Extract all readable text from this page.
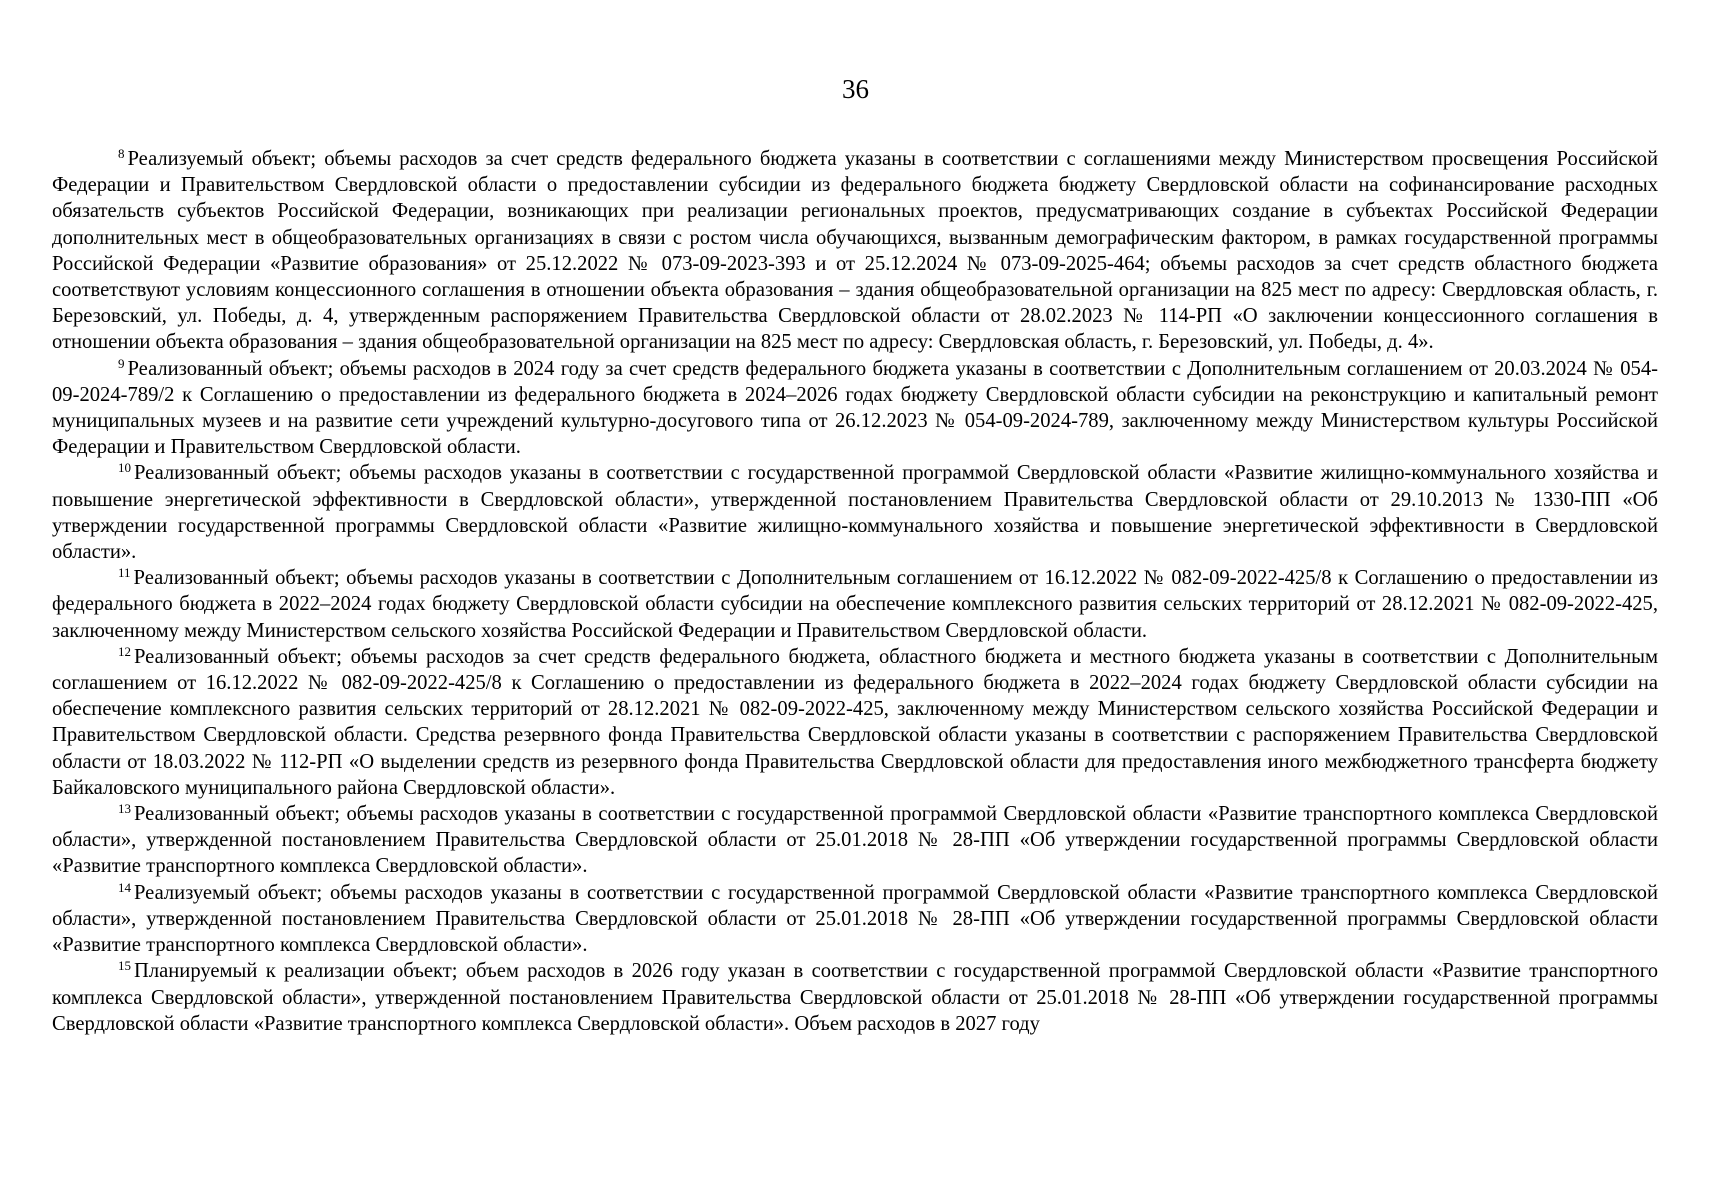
36

$^8$ Реализуемый объект; объемы расходов за счет средств федерального бюджета указаны в соответствии с соглашениями между Министерством просвещения Российской Федерации и Правительством Свердловской области о предоставлении субсидии из федерального бюджета бюджету Свердловской области на софинансирование расходных обязательств субъектов Российской Федерации, возникающих при реализации региональных проектов, предусматривающих создание в субъектах Российской Федерации дополнительных мест в общеобразовательных организациях в связи с ростом числа обучающихся, вызванным демографическим фактором, в рамках государственной программы Российской Федерации «Развитие образования» от 25.12.2022 № 073-09-2023-393 и от 25.12.2024 № 073-09-2025-464; объемы расходов за счет средств областного бюджета соответствуют условиям концессионного соглашения в отношении объекта образования – здания общеобразовательной организации на 825 мест по адресу: Свердловская область, г. Березовский, ул. Победы, д. 4, утвержденным распоряжением Правительства Свердловской области от 28.02.2023 № 114-РП «О заключении концессионного соглашения в отношении объекта образования – здания общеобразовательной организации на 825 мест по адресу: Свердловская область, г. Березовский, ул. Победы, д. 4».

$^9$ Реализованный объект; объемы расходов в 2024 году за счет средств федерального бюджета указаны в соответствии с Дополнительным соглашением от 20.03.2024 № 054-09-2024-789/2 к Соглашению о предоставлении из федерального бюджета в 2024–2026 годах бюджету Свердловской области субсидии на реконструкцию и капитальный ремонт муниципальных музеев и на развитие сети учреждений культурно-досугового типа от 26.12.2023 № 054-09-2024-789, заключенному между Министерством культуры Российской Федерации и Правительством Свердловской области.

$^{10}$ Реализованный объект; объемы расходов указаны в соответствии с государственной программой Свердловской области «Развитие жилищно-коммунального хозяйства и повышение энергетической эффективности в Свердловской области», утвержденной постановлением Правительства Свердловской области от 29.10.2013 № 1330-ПП «Об утверждении государственной программы Свердловской области «Развитие жилищно-коммунального хозяйства и повышение энергетической эффективности в Свердловской области».

$^{11}$ Реализованный объект; объемы расходов указаны в соответствии с Дополнительным соглашением от 16.12.2022 № 082-09-2022-425/8 к Соглашению о предоставлении из федерального бюджета в 2022–2024 годах бюджету Свердловской области субсидии на обеспечение комплексного развития сельских территорий от 28.12.2021 № 082-09-2022-425, заключенному между Министерством сельского хозяйства Российской Федерации и Правительством Свердловской области.

$^{12}$ Реализованный объект; объемы расходов за счет средств федерального бюджета, областного бюджета и местного бюджета указаны в соответствии с Дополнительным соглашением от 16.12.2022 № 082-09-2022-425/8 к Соглашению о предоставлении из федерального бюджета в 2022–2024 годах бюджету Свердловской области субсидии на обеспечение комплексного развития сельских территорий от 28.12.2021 № 082-09-2022-425, заключенному между Министерством сельского хозяйства Российской Федерации и Правительством Свердловской области. Средства резервного фонда Правительства Свердловской области указаны в соответствии с распоряжением Правительства Свердловской области от 18.03.2022 № 112-РП «О выделении средств из резервного фонда Правительства Свердловской области для предоставления иного межбюджетного трансферта бюджету Байкаловского муниципального района Свердловской области».

$^{13}$ Реализованный объект; объемы расходов указаны в соответствии с государственной программой Свердловской области «Развитие транспортного комплекса Свердловской области», утвержденной постановлением Правительства Свердловской области от 25.01.2018 № 28-ПП «Об утверждении государственной программы Свердловской области «Развитие транспортного комплекса Свердловской области».

$^{14}$ Реализуемый объект; объемы расходов указаны в соответствии с государственной программой Свердловской области «Развитие транспортного комплекса Свердловской области», утвержденной постановлением Правительства Свердловской области от 25.01.2018 № 28-ПП «Об утверждении государственной программы Свердловской области «Развитие транспортного комплекса Свердловской области».

$^{15}$ Планируемый к реализации объект; объем расходов в 2026 году указан в соответствии с государственной программой Свердловской области «Развитие транспортного комплекса Свердловской области», утвержденной постановлением Правительства Свердловской области от 25.01.2018 № 28-ПП «Об утверждении государственной программы Свердловской области «Развитие транспортного комплекса Свердловской области». Объем расходов в 2027 году
